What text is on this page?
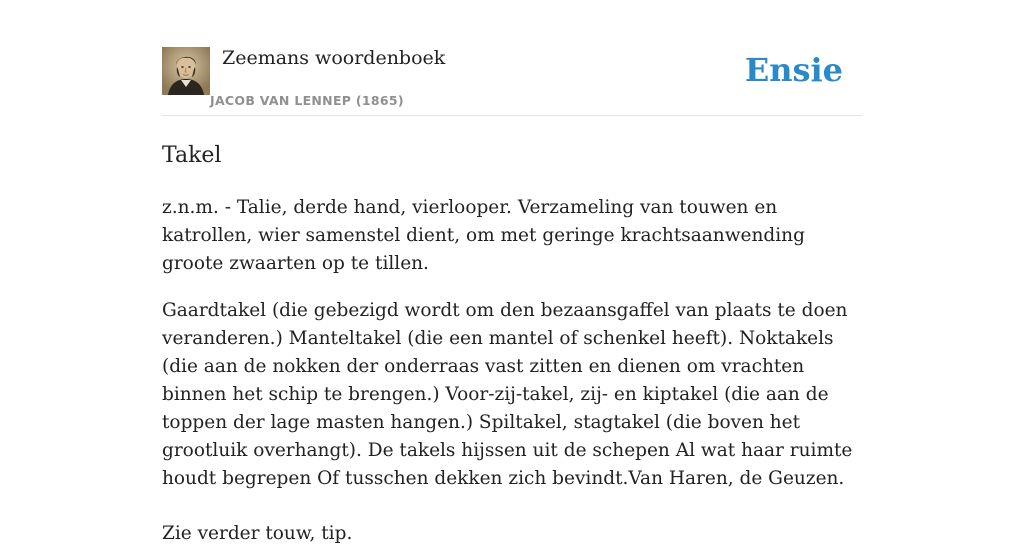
Zeemans woordenboek
JACOB VAN LENNEP (1865)
Ensie
Takel

z.n.m. - Talie, derde hand, vierlooper. Verzameling van touwen en katrollen, wier samenstel dient, om met geringe krachtsaanwending groote zwaarten op te tillen.

Gaardtakel (die gebezigd wordt om den bezaansgaffel van plaats te doen veranderen.) Manteltakel (die een mantel of schenkel heeft). Noktakels (die aan de nokken der onderraas vast zitten en dienen om vrachten binnen het schip te brengen.) Voor-zij-takel, zij- en kiptakel (die aan de toppen der lage masten hangen.) Spiltakel, stagtakel (die boven het grootluik overhangt). De takels hijssen uit de schepen Al wat haar ruimte houdt begrepen Of tusschen dekken zich bevindt.Van Haren, de Geuzen.

Zie verder touw, tip.
